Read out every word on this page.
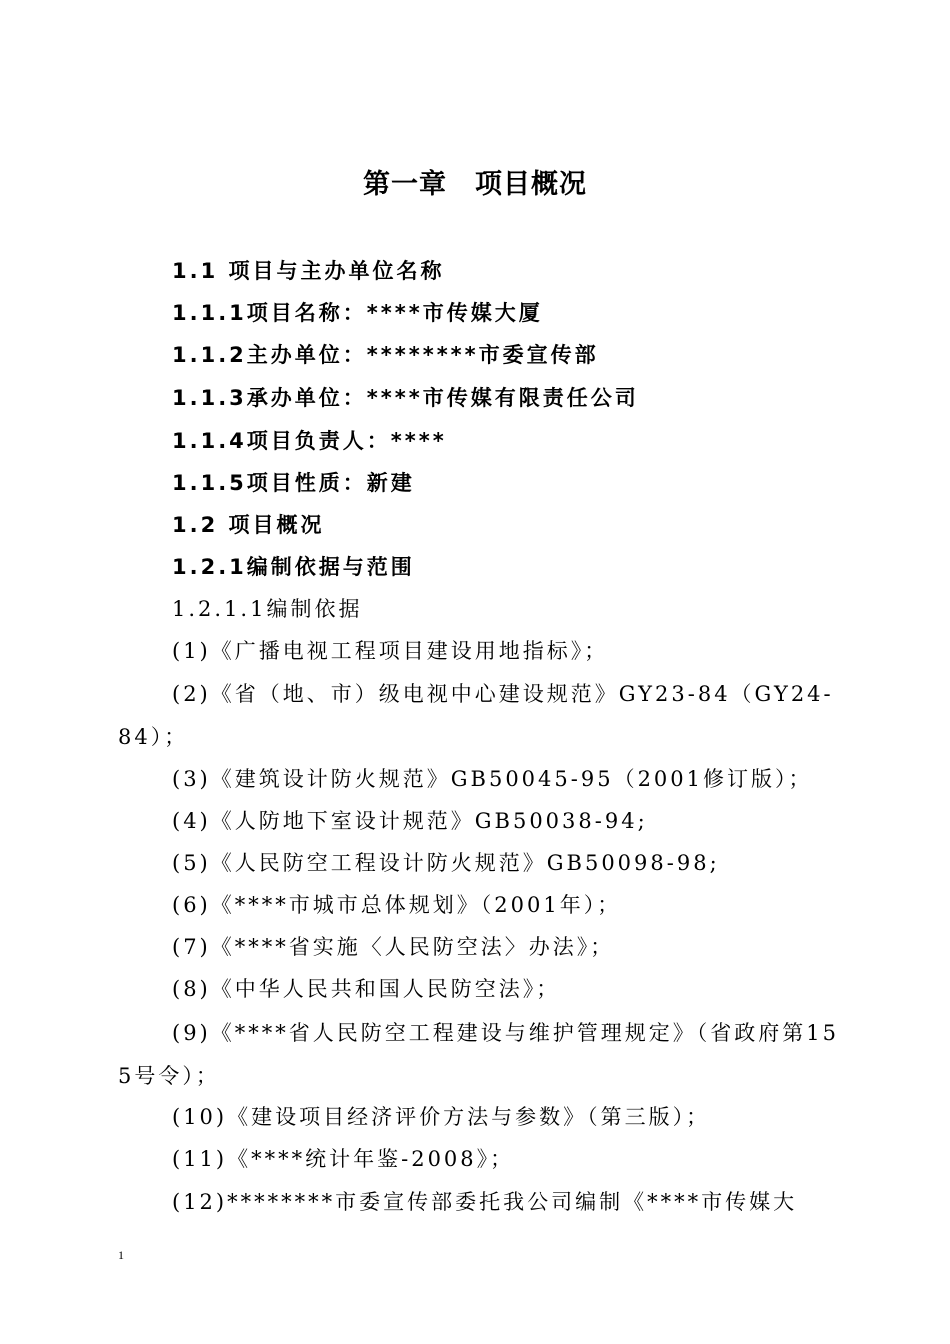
第一章　项目概况
1.1 项目与主办单位名称
1.1.1项目名称：****市传媒大厦
1.1.2主办单位：********市委宣传部
1.1.3承办单位：****市传媒有限责任公司
1.1.4项目负责人：****
1.1.5项目性质：新建
1.2 项目概况
1.2.1编制依据与范围
1.2.1.1编制依据
(1)《广播电视工程项目建设用地指标》；
(2)《省（地、市）级电视中心建设规范》GY23-84（GY24-84）；
(3)《建筑设计防火规范》GB50045-95（2001修订版）；
(4)《人防地下室设计规范》GB50038-94;
(5)《人民防空工程设计防火规范》GB50098-98;
(6)《****市城市总体规划》（2001年）；
(7)《****省实施〈人民防空法〉办法》；
(8)《中华人民共和国人民防空法》；
(9)《****省人民防空工程建设与维护管理规定》（省政府第155号令）；
(10)《建设项目经济评价方法与参数》（第三版）；
(11)《****统计年鉴-2008》；
(12)********市委宣传部委托我公司编制《****市传媒大
1
